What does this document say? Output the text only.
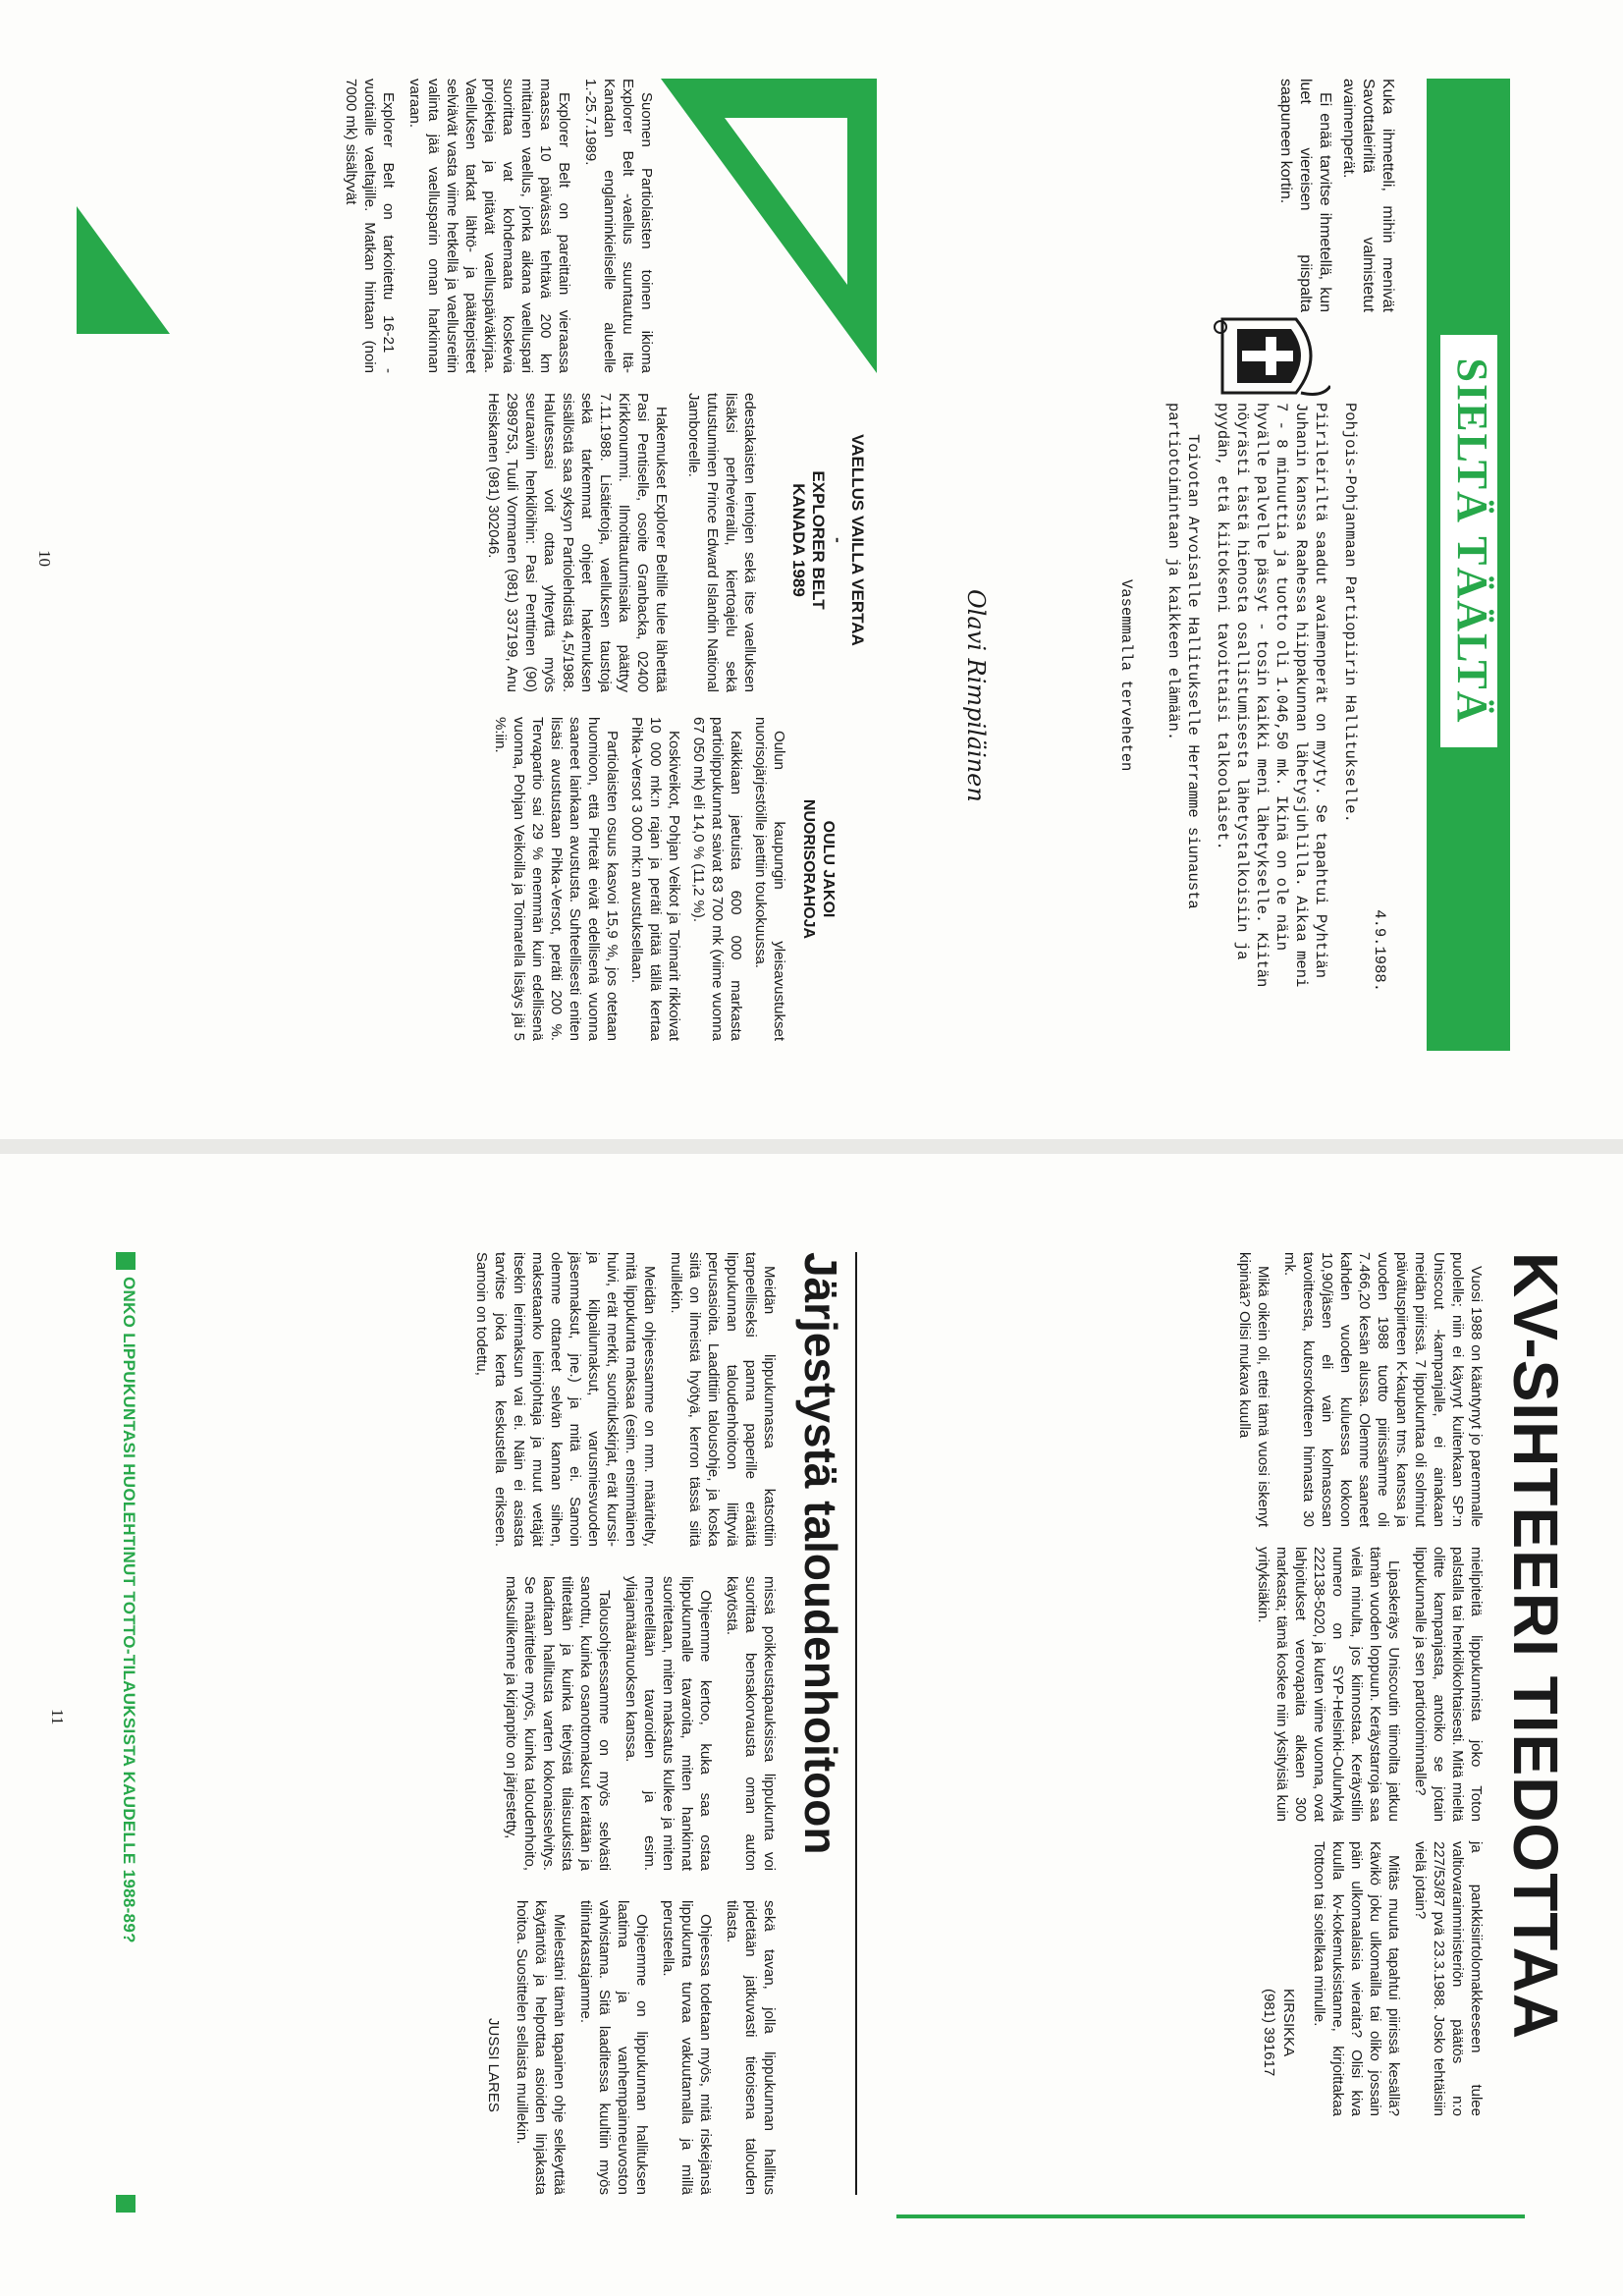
SIELTÄ TÄÄLTÄ

Kuka ihmetteli, mihin menivät Savottaleiriltä valmistetut avaimenperät.

Ei enää tarvitse ihmetellä, kun luet viereisen piispalta saapuneen kortin.

4.9.1988.
Pohjois-Pohjanmaan Partiopiirin Hallitukselle.

Piirileiriltä saadut avaimenperät on myyty. Se tapahtui Pyhtiän Juhanin kanssa Raahessa hiippakunnan lähetysjuhlilla. Aikaa meni 7 - 8 minuuttia ja tuotto oli 1.046,50 mk. Ikinä on ole näin hyvälle palvelle pässyt - tosin kaikki meni lähetykselle. Kiitän nöyrästi tästä hienosta osallistumisesta lähetystalkoisiin ja pyydän, että kiitokseni tavoittaisi talkoolaiset.

Toivotan Arvoisalle Hallitukselle Herramme siunausta partiotoimintaan ja kaikkeen elämään.

Vasemmalla terveheten
Olavi Rimpiläinen
VAELLUS VAILLA VERTAA
-
EXPLORER BELT
KANADA 1989

Suomen Partiolaisten toinen ikioma Explorer Belt -vaellus suuntautuu Itä-Kanadan englanninkieliselle alueelle 1.-25.7.1989.

Explorer Belt on pareittain vieraassa maassa 10 päivässä tehtävä 200 km mittainen vaellus, jonka aikana vaelluspari suorittaa vat kohdemaata koskevia projekteja ja pitävät vaelluspäiväkirjaa. Vaelluksen tarkat lähtö- ja päätepisteet selviävät vasta viime hetkellä ja vaellusreitin valinta jää vaellusparin oman harkinnan varaan.

Explorer Belt on tarkoitettu 16-21 -vuotiaille vaeltajille. Matkan hintaan (noin 7000 mk) sisältyvät

edestakaisten lentojen sekä itse vaelluksen lisäksi perhevierailu, kiertoajelu sekä tutustuminen Prince Edward Islandin National Jamboreelle.

Hakemukset Explorer Beltille tulee lähettää Pasi Pentiselle, osoite Granbacka, 02400 Kirkkonummi. Ilmoittautumisaika päättyy 7.11.1988. Lisätietoja, vaelluksen taustoja sekä tarkemmat ohjeet hakemuksen sisällöstä saa syksyn Partiolehdistä 4,5/1988. Halutessasi voit ottaa yhteyttä myös seuraaviin henkilöihin: Pasi Penttinen (90) 2989753, Tuuli Vormanen (981) 337199, Anu Heiskanen (981) 302046.

OULU JAKOI
NUORISORAHOJA

Oulun kaupungin yleisavustukset nuorisojärjestöille jaettiin toukokuussa.

Kaikkiaan jaetuista 600 000 markasta partiolippukunnat saivat 83 700 mk (viime vuonna 67 050 mk) eli 14,0 % (11,2 %).

Koskiveikot, Pohjan Veikot ja Toimarit rikkoivat 10 000 mk:n rajan ja peräti pitää tällä kertaa Pihka-Versot 3 000 mk:n avustuksellaan.

Partiolaisten osuus kasvoi 15,9 %, jos otetaan huomioon, että Pirteät eivät edellisenä vuonna saaneet lainkaan avustusta. Suhteellisesti eniten lisäsi avustustaan Pihka-Versot, peräti 200 %. Tervapartio sai 29 % enemmän kuin edellisenä vuonna, Pohjan Veikoilla ja Toimarella lisäys jäi 5 %:iin.

10
KV-SIHTEERI TIEDOTTAA

Vuosi 1988 on kääntynyt jo paremmalle puolelle; niin ei käynyt kuitenkaan SP:n Uniscout -kampanjalle, ei ainakaan meidän piirissä. 7 lippukuntaa oli solminut päivätuspiirteen K-kaupan tms. kanssa ja vuoden 1988 tuotto piirissämme oli 7.466,20 kesän alussa. Olemme saaneet kahden vuoden kuluessa kokoon 10,90/jäsen eli vain kolmasosan tavoitteesta, kutosrokotteen hinnasta 30 mk.

Mikä oikein oli, ettei tämä vuosi iskenyt kipinää? Olisi mukava kuulla

mielipiteitä lippukunnista joko Toton palstalla tai henkilökohtaisesti. Mitä mieltä olitte kampanjasta, antoiko se jotain lippukunnalle ja sen partiotoiminnalle?

Lipaskeräys Uniscoutin tiimoilta jatkuu tämän vuoden loppuun. Keräystarroja saa vielä minulta, jos kiinnostaa. Keräystilin numero on SYP-Helsinki-Oulunkylä 222138-5020, ja kuten viime vuonna, ovat lahjoitukset verovapaita alkaen 300 markasta; tämä koskee niin yksityisiä kuin yrityksiäkin.

ja pankkisiirtolomakkeeseen tulee valtiovarainministeriön päätös n:o 227/53/87 pvä 23.3.1988. Josko tehtäisiin vielä jotain?

Mitäs muuta tapahtui piirissä kesällä? Kävikö joku ulkomailla tai oliko jossain päin ulkomaalaisia vieraita? Olisi kiva kuulla kv-kokemuksistanne, kirjoittakaa Tottoon tai soitelkaa minulle.

KIRSIKKA
(981) 391617
Järjestystä taloudenhoitoon

Meidän lippukunnassa katsottiin tarpeelliseksi panna paperille erääitä lippukunnan taloudenhoitoon liittyviä perusasioita. Laadittiin talousohje, ja koska siitä on ilmeistä hyötyä, kerron tässä siitä muillekin.

Meidän ohjeessamme on mm. määritelty, mitä lippukunta maksaa (esim. ensimmäinen huivi, erät merkit, suoritukskirjat, erät kurssi- ja kilpailumaksut, varusmiesvuoden jäsenmaksut, jne.) ja mitä ei. Samoin olemme ottaneet selvän kannan siihen, maksetaanko leirinjohtaja ja muut vetäjät itsekin leirimaksun vai ei. Näin ei asiasta tarvitse joka kerta keskustella erikseen. Samoin on todettu,

missä poikkeustapauksissa lippukunta voi suorittaa bensakorvausta oman auton käytöstä.

Ohjeemme kertoo, kuka saa ostaa lippukunnalle tavaroita, miten hankinnat suoritetaan, miten maksatus kulkee ja miten menetellään tavaroiden ja esim. yliajamääränuoksen kanssa.

Talousohjeessamme on myös selvästi sanottu, kuinka osanottomaksut kerätään ja tilitetään ja kuinka tietyistä tilaisuuksista laaditaan hallitusta varten kokonaisselvitys. Se määrittelee myös, kuinka taloudenhoito, maksuliikenne ja kirjanpito on järjestetty,

sekä tavan, jolla lippukunnan hallitus pidetään jatkuvasti tietoisena talouden tilasta.

Ohjeessa todetaan myös, mitä riskejänsä lippukunta turvaa vakuutamalla ja millä perusteella.

Ohjeemme on lippukunnan hallituksen laatima ja vanhempainneuvoston vahvistama. Sitä laaditessa kuultiin myös tilintarkastajamme.

Mielestäni tämän tapainen ohje selkeyttää käytäntöä ja helpottaa asioiden linjakasta hoitoa. Suosittelen sellaista muillekin.

JUSSI LARES
ONKO LIPPUKUNTASI HUOLEHTINUT TOTTO-TILAUKSISTA KAUDELLE 1988-89?
11
